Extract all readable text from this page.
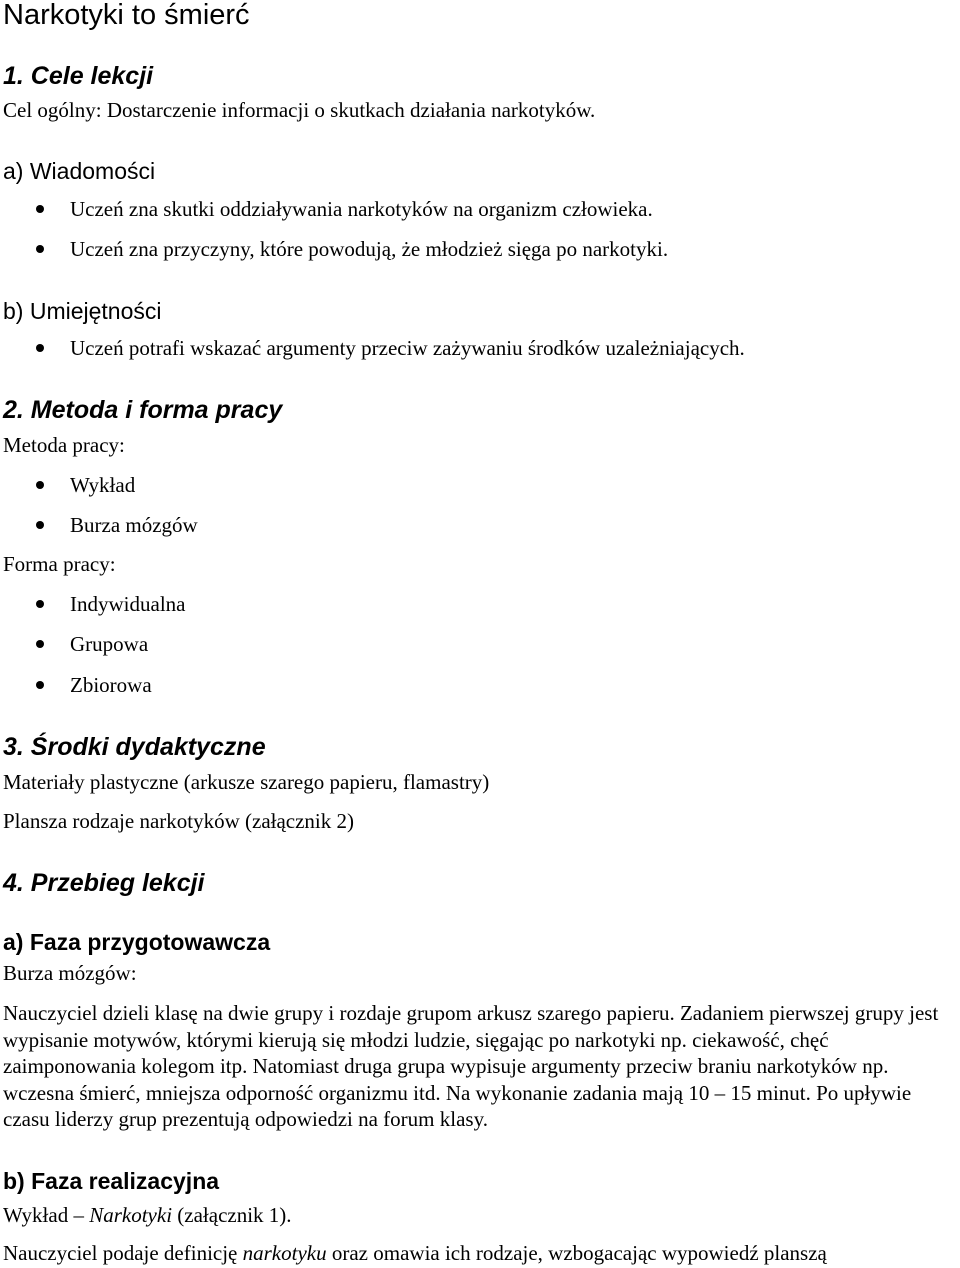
Narkotyki to śmierć
1. Cele lekcji
Cel ogólny: Dostarczenie informacji o skutkach działania narkotyków.
a) Wiadomości
Uczeń zna skutki oddziaływania narkotyków na organizm człowieka.
Uczeń zna przyczyny, które powodują, że młodzież sięga po narkotyki.
b) Umiejętności
Uczeń potrafi wskazać argumenty przeciw zażywaniu środków uzależniających.
2. Metoda i forma pracy
Metoda pracy:
Wykład
Burza mózgów
Forma pracy:
Indywidualna
Grupowa
Zbiorowa
3. Środki dydaktyczne
Materiały plastyczne (arkusze szarego papieru, flamastry)
Plansza rodzaje narkotyków (załącznik 2)
4. Przebieg lekcji
a) Faza przygotowawcza
Burza mózgów:
Nauczyciel dzieli klasę na dwie grupy i rozdaje grupom arkusz szarego papieru. Zadaniem pierwszej grupy jest wypisanie motywów, którymi kierują się młodzi ludzie, sięgając po narkotyki np. ciekawość, chęć zaimponowania kolegom itp. Natomiast druga grupa wypisuje argumenty przeciw braniu narkotyków np. wczesna śmierć, mniejsza odporność organizmu itd. Na wykonanie zadania mają 10 – 15 minut. Po upływie czasu liderzy grup prezentują odpowiedzi na forum klasy.
b) Faza realizacyjna
Wykład – Narkotyki (załącznik 1).
Nauczyciel podaje definicję narkotyku oraz omawia ich rodzaje, wzbogacając wypowiedź planszą
